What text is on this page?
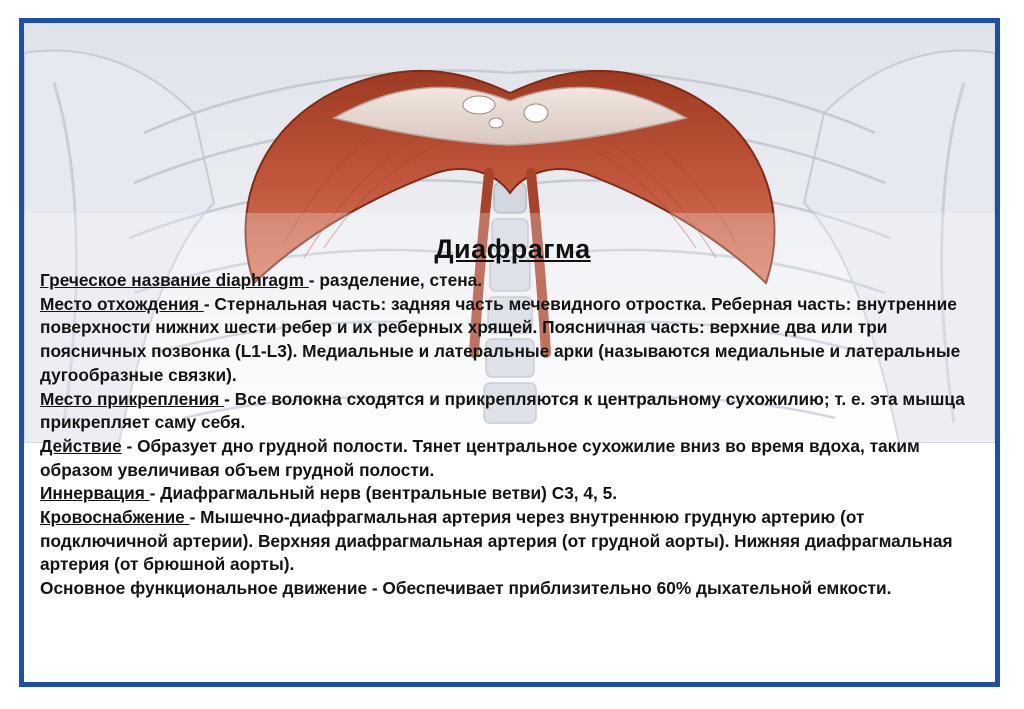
Диафрагма

Греческое название diaphragm - разделение, стена.

Место отхождения - Стернальная часть: задняя часть мечевидного отростка. Реберная часть: внутренние поверхности нижних шести ребер и их реберных хрящей. Поясничная часть: верхние два или три поясничных позвонка (L1-L3). Медиальные и латеральные арки (называются медиальные и латеральные дугообразные связки).

Место прикрепления - Все волокна сходятся и прикрепляются к центральному сухожилию; т. е. эта мышца прикрепляет саму себя.

Действие - Образует дно грудной полости. Тянет центральное сухожилие вниз во время вдоха, таким образом увеличивая объем грудной полости.

Иннервация - Диафрагмальный нерв (вентральные ветви) C3, 4, 5.

Кровоснабжение - Мышечно-диафрагмальная артерия через внутреннюю грудную артерию (от подключичной артерии). Верхняя диафрагмальная артерия (от грудной аорты). Нижняя диафрагмальная артерия (от брюшной аорты).

Основное функциональное движение - Обеспечивает приблизительно 60% дыхательной емкости.
